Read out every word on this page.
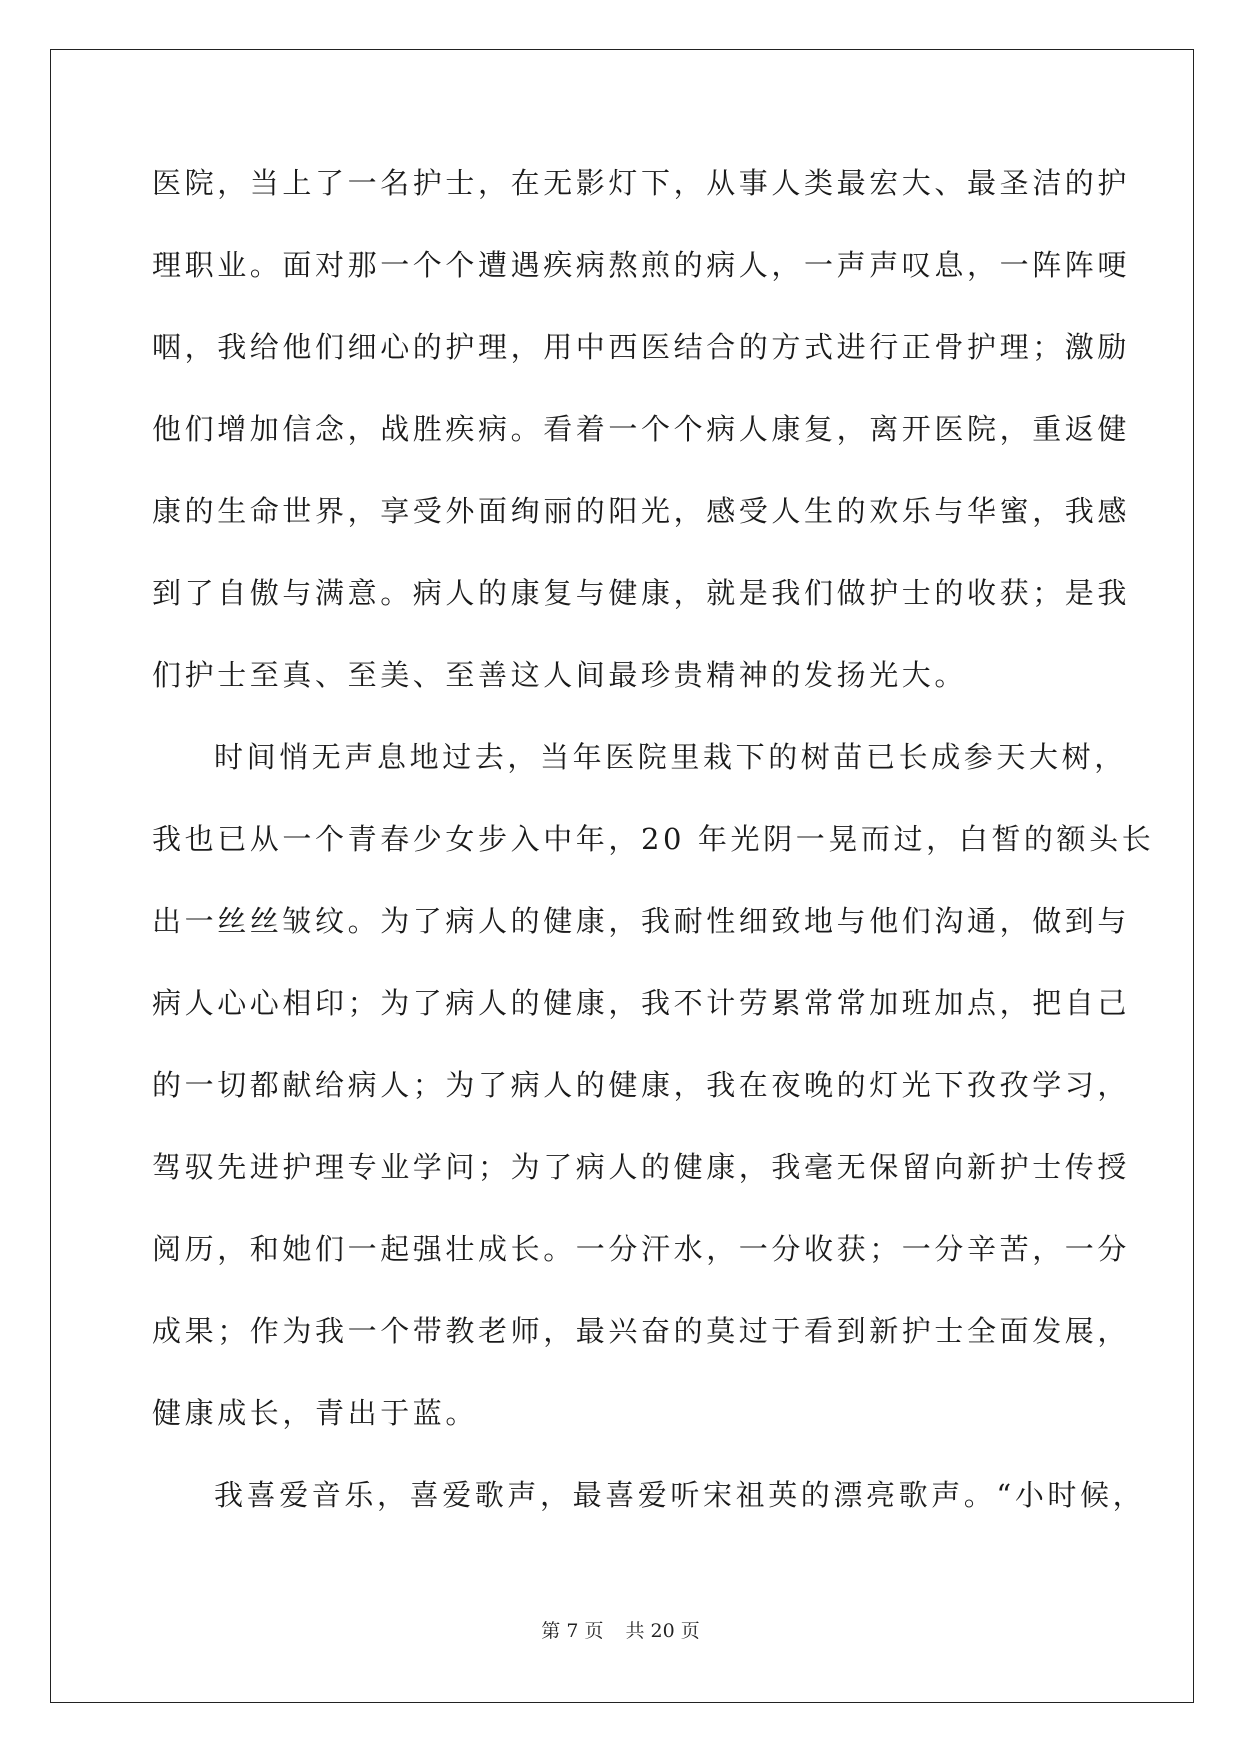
医院，当上了一名护士，在无影灯下，从事人类最宏大、最圣洁的护
理职业。面对那一个个遭遇疾病熬煎的病人，一声声叹息，一阵阵哽
咽，我给他们细心的护理，用中西医结合的方式进行正骨护理；激励
他们增加信念，战胜疾病。看着一个个病人康复，离开医院，重返健
康的生命世界，享受外面绚丽的阳光，感受人生的欢乐与华蜜，我感
到了自傲与满意。病人的康复与健康，就是我们做护士的收获；是我
们护士至真、至美、至善这人间最珍贵精神的发扬光大。
时间悄无声息地过去，当年医院里栽下的树苗已长成参天大树，
我也已从一个青春少女步入中年，20 年光阴一晃而过，白皙的额头长
出一丝丝皱纹。为了病人的健康，我耐性细致地与他们沟通，做到与
病人心心相印；为了病人的健康，我不计劳累常常加班加点，把自己
的一切都献给病人；为了病人的健康，我在夜晚的灯光下孜孜学习，
驾驭先进护理专业学问；为了病人的健康，我毫无保留向新护士传授
阅历，和她们一起强壮成长。一分汗水，一分收获；一分辛苦，一分
成果；作为我一个带教老师，最兴奋的莫过于看到新护士全面发展，
健康成长，青出于蓝。
我喜爱音乐，喜爱歌声，最喜爱听宋祖英的漂亮歌声。“小时候，
第 7 页 共 20 页
